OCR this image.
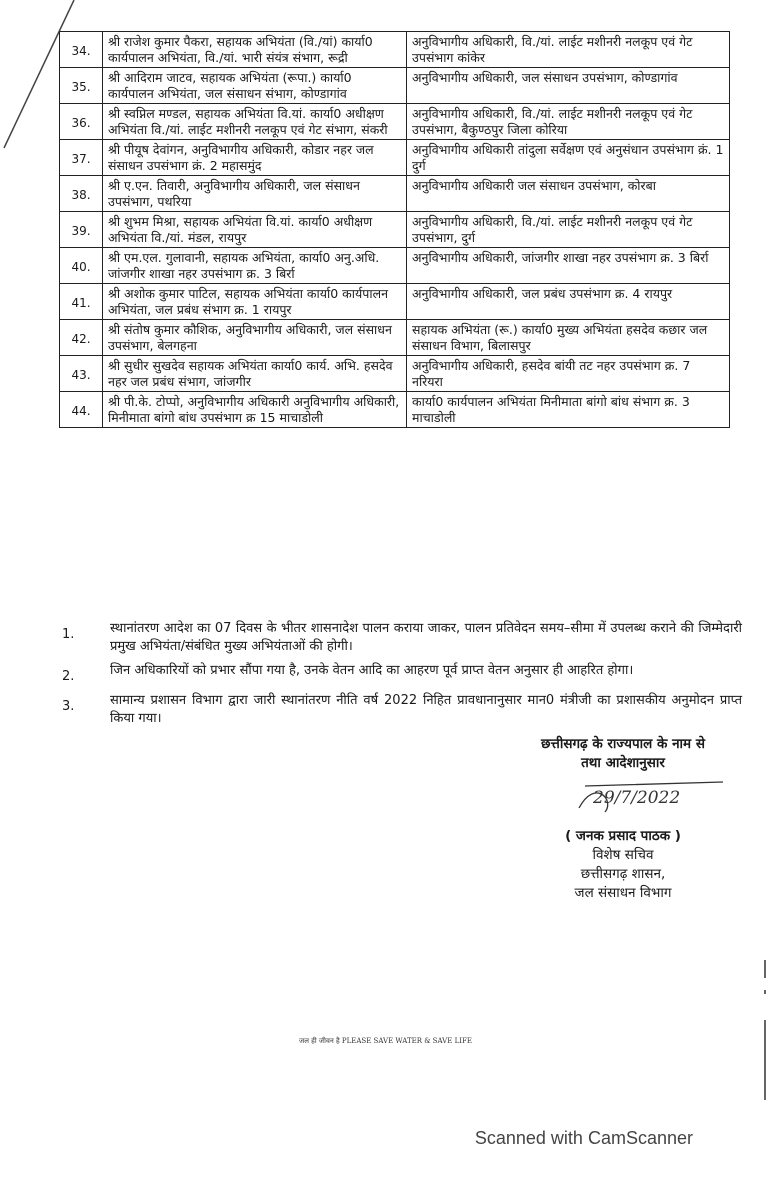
34.	श्री राजेश कुमार पैकरा, सहायक अभियंता (वि./यां) कार्या0 कार्यपालन अभियंता, वि./यां. भारी संयंत्र संभाग, रूद्री	अनुविभागीय अधिकारी, वि./यां. लाईट मशीनरी नलकूप एवं गेट उपसंभाग कांकेर
35.	श्री आदिराम जाटव, सहायक अभियंता (रूपा.) कार्या0 कार्यपालन अभियंता, जल संसाधन संभाग, कोण्डागांव	अनुविभागीय अधिकारी, जल संसाधन उपसंभाग, कोण्डागांव
36.	श्री स्वप्निल मण्डल, सहायक अभियंता वि.यां. कार्या0 अधीक्षण अभियंता वि./यां. लाईट मशीनरी नलकूप एवं गेट संभाग, संकरी	अनुविभागीय अधिकारी, वि./यां. लाईट मशीनरी नलकूप एवं गेट उपसंभाग, बैकुण्ठपुर जिला कोरिया
37.	श्री पीयूष देवांगन, अनुविभागीय अधिकारी, कोडार नहर जल संसाधन उपसंभाग क्रं. 2 महासमुंद	अनुविभागीय अधिकारी तांदुला सर्वेक्षण एवं अनुसंधान उपसंभाग क्रं. 1 दुर्ग
38.	श्री ए.एन. तिवारी, अनुविभागीय अधिकारी, जल संसाधन उपसंभाग, पथरिया	अनुविभागीय अधिकारी जल संसाधन उपसंभाग, कोरबा
39.	श्री शुभम मिश्रा, सहायक अभियंता वि.यां. कार्या0 अधीक्षण अभियंता वि./यां. मंडल, रायपुर	अनुविभागीय अधिकारी, वि./यां. लाईट मशीनरी नलकूप एवं गेट उपसंभाग, दुर्ग
40.	श्री एम.एल. गुलावानी, सहायक अभियंता, कार्या0 अनु.अधि. जांजगीर शाखा नहर उपसंभाग क्र. 3 बिर्रा	अनुविभागीय अधिकारी, जांजगीर शाखा नहर उपसंभाग क्र. 3 बिर्रा
41.	श्री अशोक कुमार पाटिल, सहायक अभियंता कार्या0 कार्यपालन अभियंता, जल प्रबंध संभाग क्र. 1 रायपुर	अनुविभागीय अधिकारी, जल प्रबंध उपसंभाग क्र. 4 रायपुर
42.	श्री संतोष कुमार कौशिक, अनुविभागीय अधिकारी, जल संसाधन उपसंभाग, बेलगहना	सहायक अभियंता (रू.) कार्या0 मुख्य अभियंता हसदेव कछार जल संसाधन विभाग, बिलासपुर
43.	श्री सुधीर सुखदेव सहायक अभियंता कार्या0 कार्य. अभि. हसदेव नहर जल प्रबंध संभाग, जांजगीर	अनुविभागीय अधिकारी, हसदेव बांयी तट नहर उपसंभाग क्र. 7 नरियरा
44.	श्री पी.के. टोप्पो, अनुविभागीय अधिकारी अनुविभागीय अधिकारी, मिनीमाता बांगो बांध उपसंभाग क्र 15 माचाडोली	कार्या0 कार्यपालन अभियंता मिनीमाता बांगो बांध संभाग क्र. 3 माचाडोली
1.	स्थानांतरण आदेश का 07 दिवस के भीतर शासनादेश पालन कराया जाकर, पालन प्रतिवेदन समय–सीमा में उपलब्ध कराने की जिम्मेदारी प्रमुख अभियंता/संबंधित मुख्य अभियंताओं की होगी।
2.	जिन अधिकारियों को प्रभार सौंपा गया है, उनके वेतन आदि का आहरण पूर्व प्राप्त वेतन अनुसार ही आहरित होगा।
3.	सामान्य प्रशासन विभाग द्वारा जारी स्थानांतरण नीति वर्ष 2022 निहित प्रावधानानुसार मान0 मंत्रीजी का प्रशासकीय अनुमोदन प्राप्त किया गया।
छत्तीसगढ़ के राज्यपाल के नाम से
तथा आदेशानुसार
( जनक प्रसाद पाठक )
विशेष सचिव
छत्तीसगढ़ शासन,
जल संसाधन विभाग
29/7/2022
जल ही जीवन है PLEASE SAVE WATER & SAVE LIFE
Scanned with CamScanner
